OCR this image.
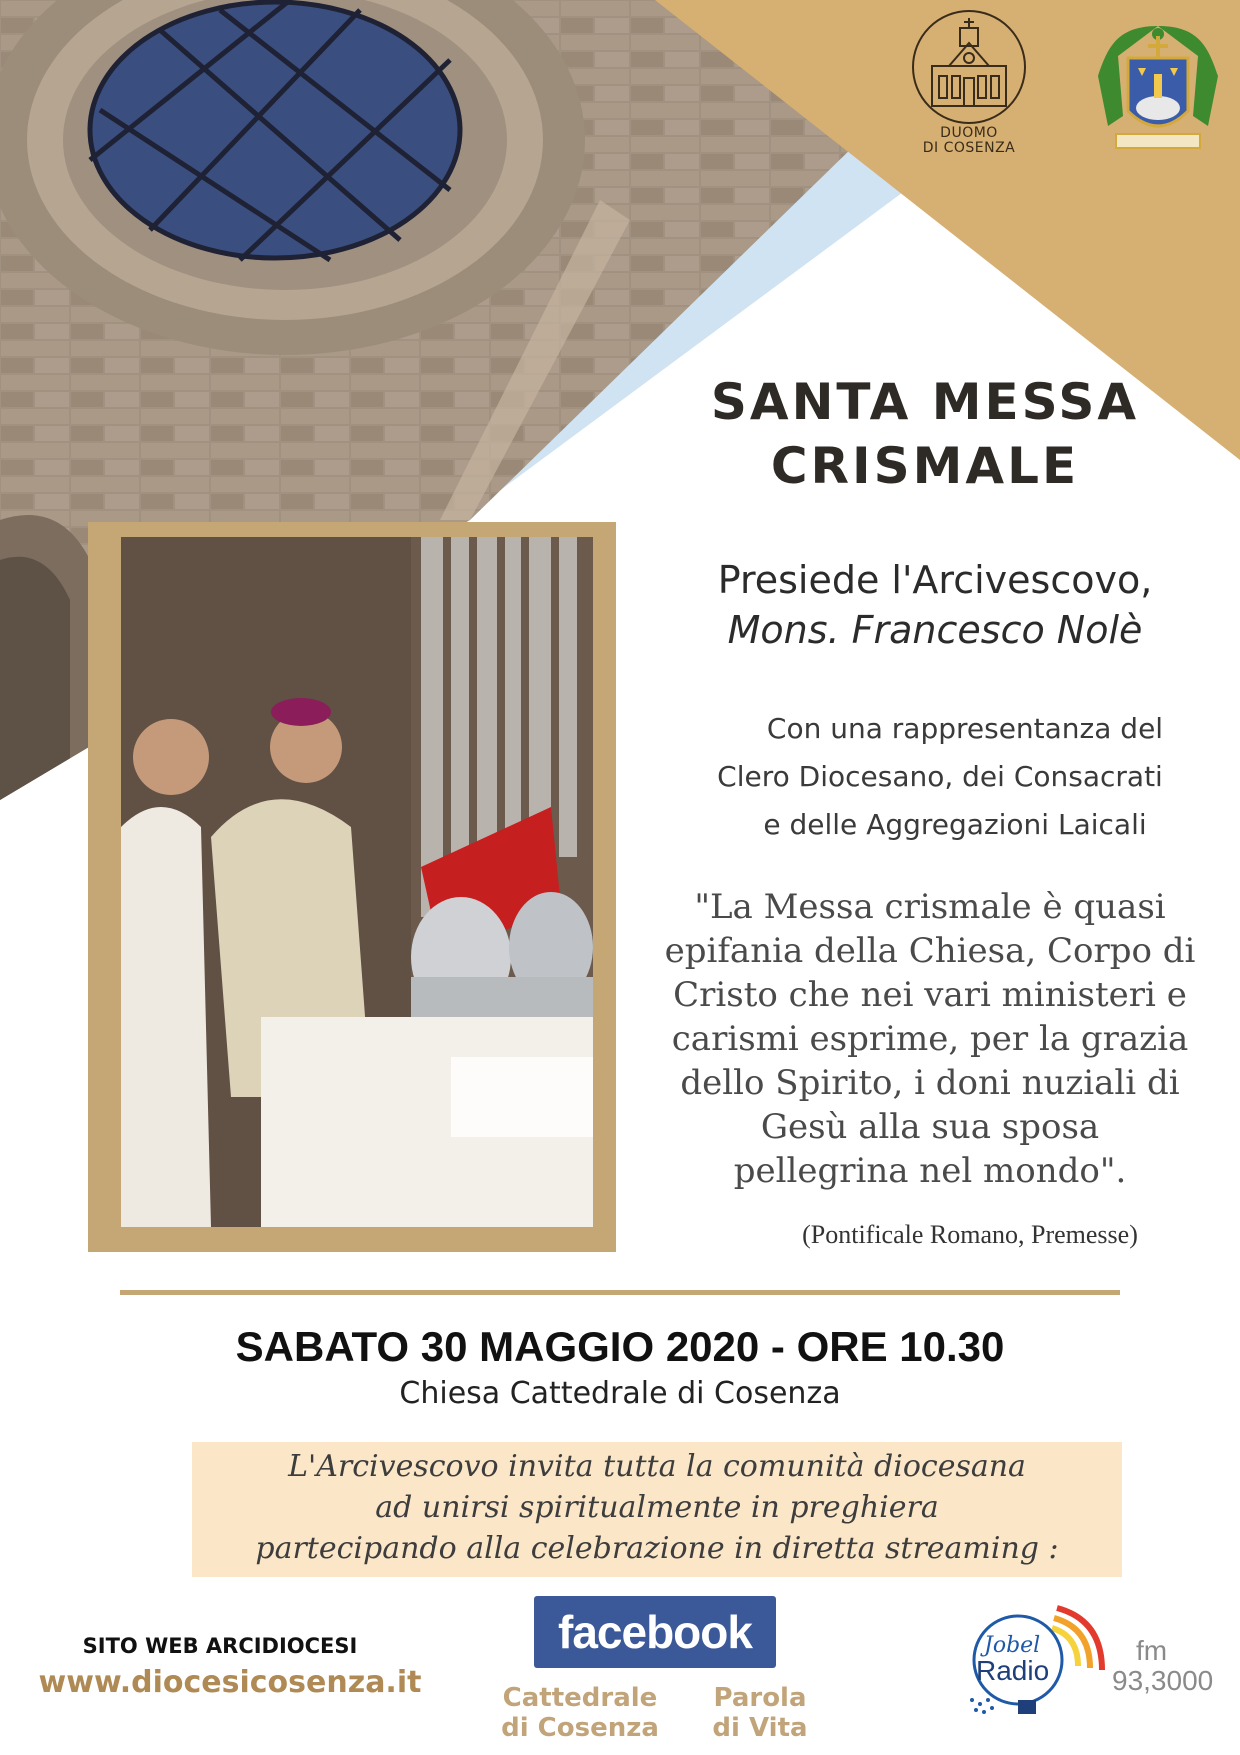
DUOMO
DI COSENZA
SANTA MESSA
CRISMALE
Presiede l'Arcivescovo,
Mons. Francesco Nolè
Con una rappresentanza del
Clero Diocesano, dei Consacrati
e delle Aggregazioni Laicali
"La Messa crismale è quasi
epifania della Chiesa, Corpo di
Cristo che nei vari ministeri e
carismi esprime, per la grazia
dello Spirito, i doni nuziali di
Gesù alla sua sposa
pellegrina nel mondo".
(Pontificale Romano, Premesse)
SABATO 30 MAGGIO 2020 - ORE 10.30
Chiesa Cattedrale di Cosenza
L'Arcivescovo invita tutta la comunità diocesana
ad unirsi spiritualmente in preghiera
partecipando alla celebrazione in diretta streaming :
SITO WEB ARCIDIOCESI
www.diocesicosenza.it
facebook
Cattedrale
di Cosenza
Parola
di Vita
Jobel
Radio
fm
93,3000
